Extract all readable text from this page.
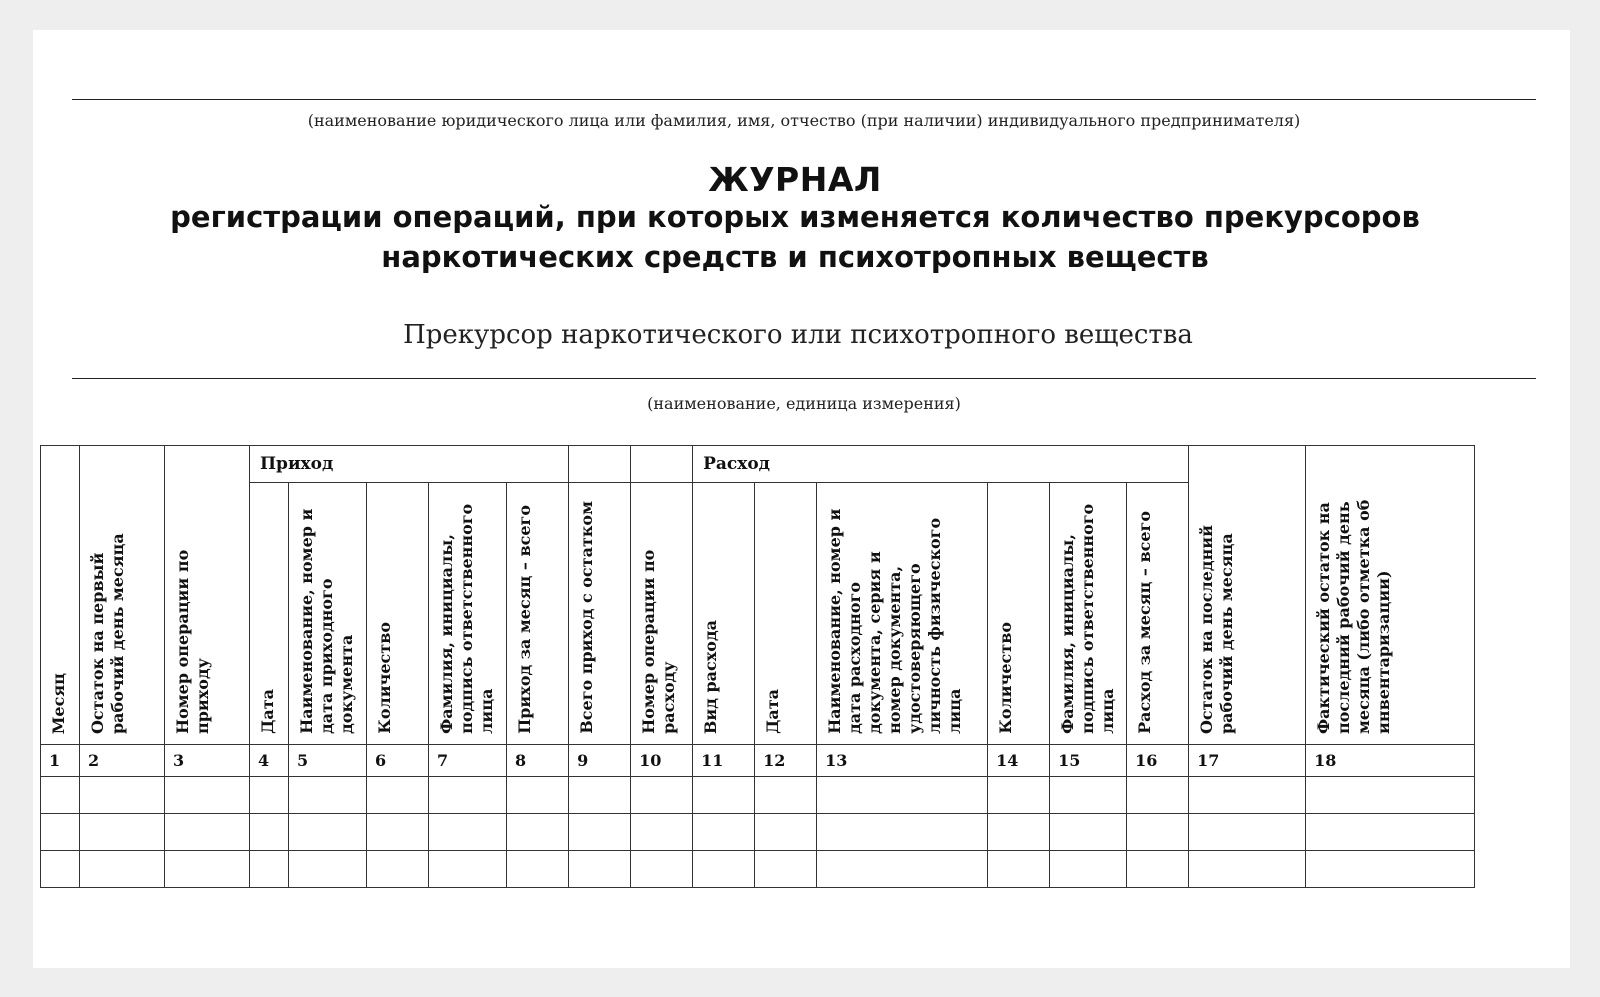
(наименование юридического лица или фамилия, имя, отчество (при наличии) индивидуального предпринимателя)
ЖУРНАЛ
регистрации операций, при которых изменяется количество прекурсоров
наркотических средств и психотропных веществ
Прекурсор наркотического или психотропного вещества
(наименование, единица измерения)
Месяц	Остаток на первый рабочий день месяца	Номер операции по приходу	Приход							Расход						Остаток на последний рабочий день месяца	Фактический остаток на последний рабочий день месяца (либо отметка об инвентаризации)

			Дата	Наименование, номер и дата приходного документа	Количество	Фамилия, инициалы, подпись ответственного лица	Приход за месяц – всего	Всего приход с остатком	Номер операции по расходу	Вид расхода	Дата	Наименование, номер и дата расходного документа, серия и номер документа, удостоверяющего личность физического лица	Количество	Фамилия, инициалы, подпись ответственного лица	Расход за месяц – всего		

1	2	3	4	5	6	7	8	9	10	11	12	13	14	15	16	17	18
